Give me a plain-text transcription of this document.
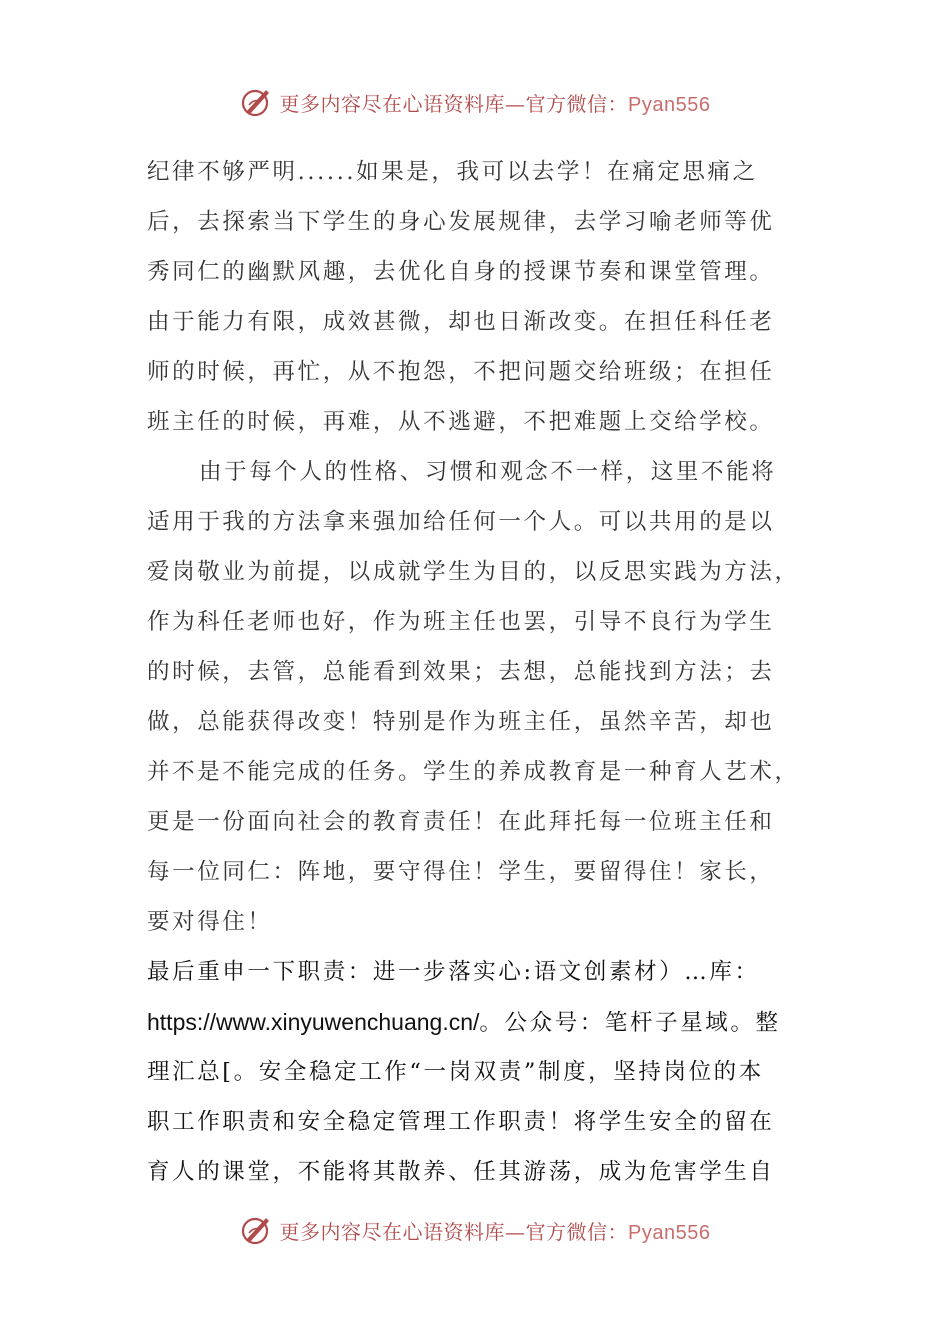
更多内容尽在心语资料库—官方微信：Pyan556
纪律不够严明......如果是，我可以去学！在痛定思痛之
后，去探索当下学生的身心发展规律，去学习喻老师等优
秀同仁的幽默风趣，去优化自身的授课节奏和课堂管理。
由于能力有限，成效甚微，却也日渐改变。在担任科任老
师的时候，再忙，从不抱怨，不把问题交给班级；在担任
班主任的时候，再难，从不逃避，不把难题上交给学校。
由于每个人的性格、习惯和观念不一样，这里不能将
适用于我的方法拿来强加给任何一个人。可以共用的是以
爱岗敬业为前提，以成就学生为目的，以反思实践为方法，
作为科任老师也好，作为班主任也罢，引导不良行为学生
的时候，去管，总能看到效果；去想，总能找到方法；去
做，总能获得改变！特别是作为班主任，虽然辛苦，却也
并不是不能完成的任务。学生的养成教育是一种育人艺术，
更是一份面向社会的教育责任！在此拜托每一位班主任和
每一位同仁：阵地，要守得住！学生，要留得住！家长，
要对得住！
最后重申一下职责：进一步落实心:语文创素材）…库：
https://www.xinyuwenchuang.cn/。公众号：笔杆子星域。整
理汇总[。安全稳定工作“一岗双责”制度，坚持岗位的本
职工作职责和安全稳定管理工作职责！将学生安全的留在
育人的课堂，不能将其散养、任其游荡，成为危害学生自
更多内容尽在心语资料库—官方微信：Pyan556
